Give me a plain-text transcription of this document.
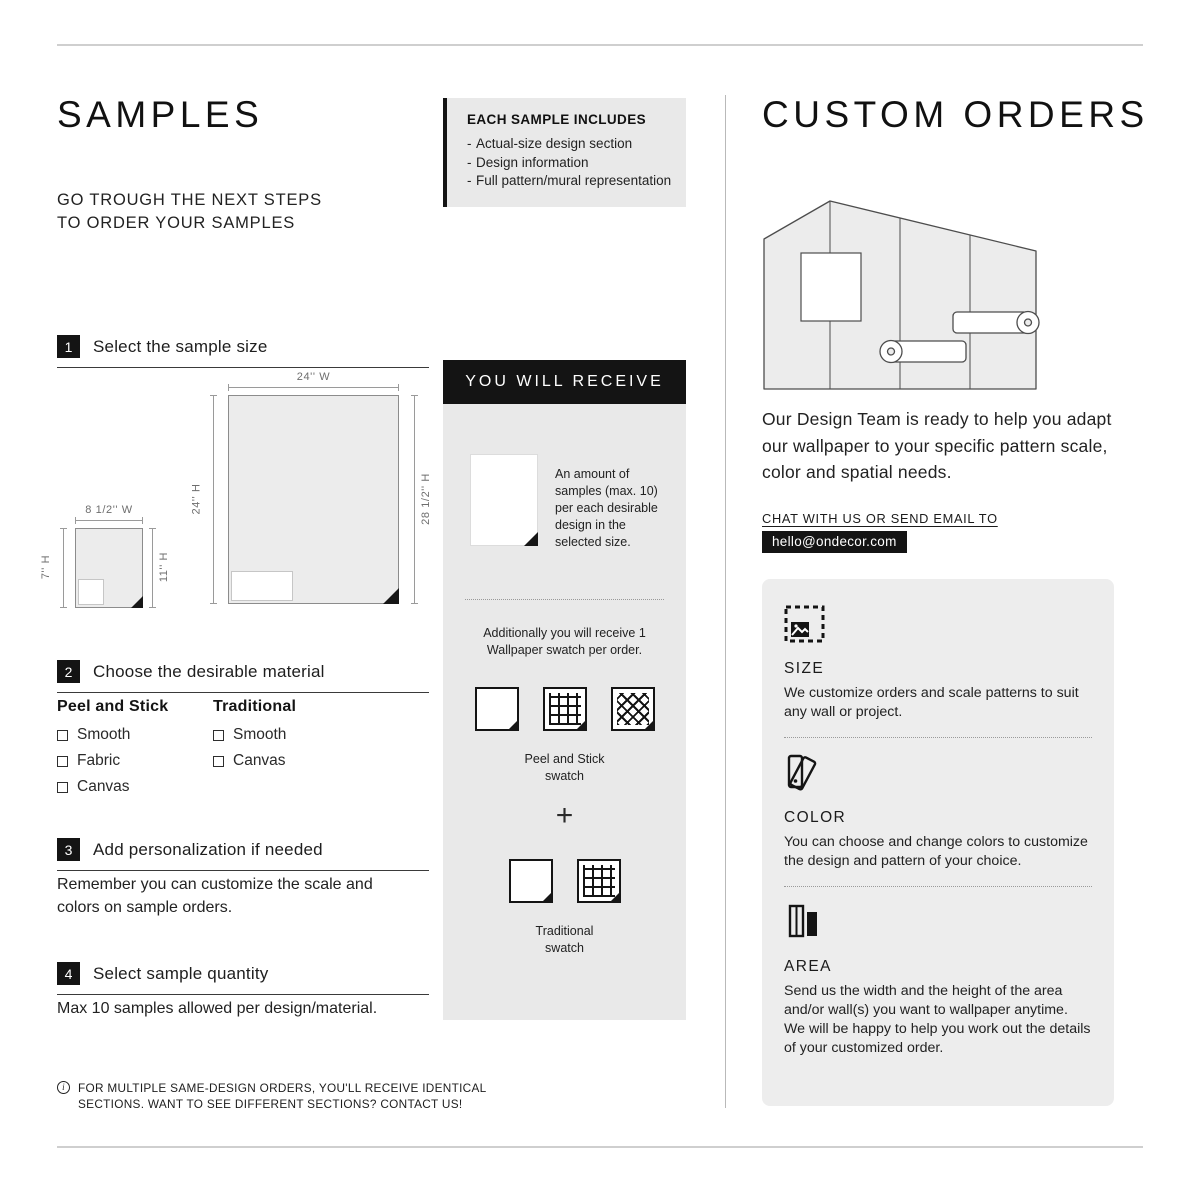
SAMPLES
GO TROUGH THE NEXT STEPS
TO ORDER YOUR SAMPLES
EACH SAMPLE INCLUDES
- Actual-size design section
- Design information
- Full pattern/mural representation
1	Select the sample size
24'' W
24'' H	28 1/2'' H
8 1/2'' W
7'' H	11'' H
2	Choose the desirable material
Peel and Stick
Smooth
Fabric
Canvas
Traditional
Smooth
Canvas
3	Add personalization if needed
Remember you can customize the scale and colors on sample orders.
4	Select sample quantity
Max 10 samples allowed per design/material.
i	FOR MULTIPLE SAME-DESIGN ORDERS, YOU'LL RECEIVE IDENTICAL SECTIONS. WANT TO SEE DIFFERENT SECTIONS? CONTACT US!
YOU WILL RECEIVE
An amount of samples (max. 10) per each desirable design in the selected size.
Additionally you will receive 1 Wallpaper swatch per order.
Peel and Stick swatch
+
Traditional swatch
CUSTOM ORDERS
Our Design Team is ready to help you adapt our wallpaper to your specific pattern scale, color and spatial needs.
CHAT WITH US OR SEND EMAIL TO
hello@ondecor.com
SIZE
We customize orders and scale patterns to suit any wall or project.
COLOR
You can choose and change colors to customize the design and pattern of your choice.
AREA
Send us the width and the height of the area and/or wall(s) you want to wallpaper anytime. We will be happy to help you work out the details of your customized order.
